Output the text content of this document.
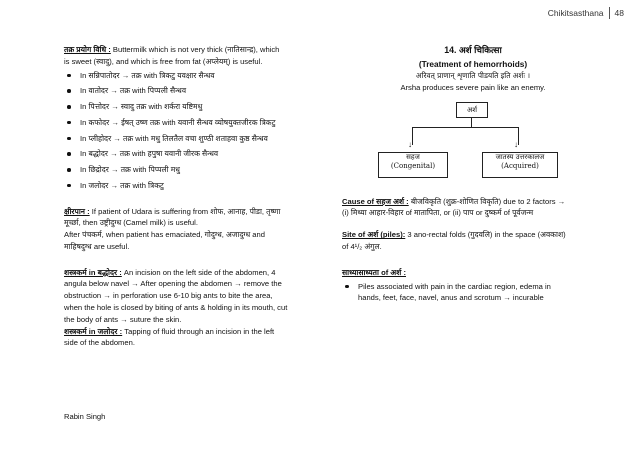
Chikitsasthana 48

तक्र प्रयोग विधि : Buttermilk which is not very thick (नातिसान्द्र), which
is sweet (स्वादु), and which is free from fat (अप्लेयम्) is useful.

In सन्निपातोदर → तक्र with त्रिकटु यवक्षार सैन्धव
In वातोदर → तक्र with पिप्पली सैन्धव
In पित्तोदर → स्वादु तक्र with शर्करा यष्टिमधु
In कफोदर → ईषत् उष्ण तक्र with यवानी सैन्धव व्योषयुक्तजीरक त्रिकटु
In प्लीहोदर → तक्र with मधु तिलतैल वचा शुण्ठी शताहवा कुष्ठ सैन्धव
In बद्धोदर → तक्र with हपुषा यवानी जीरक सैन्धव
In छिद्रोदर → तक्र with पिप्पली मधु
In जलोदर → तक्र with त्रिकटु

क्षीरपान : If patient of Udara is suffering from शोफ, आनाह, पीडा, तृष्णा
मूर्च्छा, then उष्ट्रीदुग्ध (Camel milk) is useful.
After पंचकर्म, when patient has emaciated, गोदुग्ध, अजादुग्ध and
माहिषदुग्ध are useful.

शस्त्रकर्म in बद्धोदर : An incision on the left side of the abdomen, 4
angula below navel → After opening the abdomen → remove the
obstruction → in perforation use 6-10 big ants to bite the area,
when the hole is closed by biting of ants & holding in its mouth, cut
the body of ants → suture the skin.

शस्त्रकर्म in जलोदर : Tapping of fluid through an incision in the left
side of the abdomen.

14. अर्श चिकित्सा
(Treatment of hemorrhoids)
अरिवत् प्राणान् शृणाति पीडयति इति अर्शः ।
Arsha produces severe pain like an enemy.
अर्श
↓	↓
सहज
(Congenital)
जातस्य उत्तरकालज
(Acquired)

Cause of सहज अर्श : बीजविकृति (शुक्र-शोणित विकृति) due to 2 factors →
(i) मिथ्या आहार-विहार of मातापिता, or (ii) पाप or दुष्कर्म of पूर्वजन्म

Site of अर्श (piles): 3 ano-rectal folds (गुदवलि) in the space (अवकाश)
of 4¹/₂ अंगुल.

साध्यासाध्यता of अर्श :

Piles associated with pain in the cardiac region, edema in
hands, feet, face, navel, anus and scrotum → incurable
Rabin Singh
